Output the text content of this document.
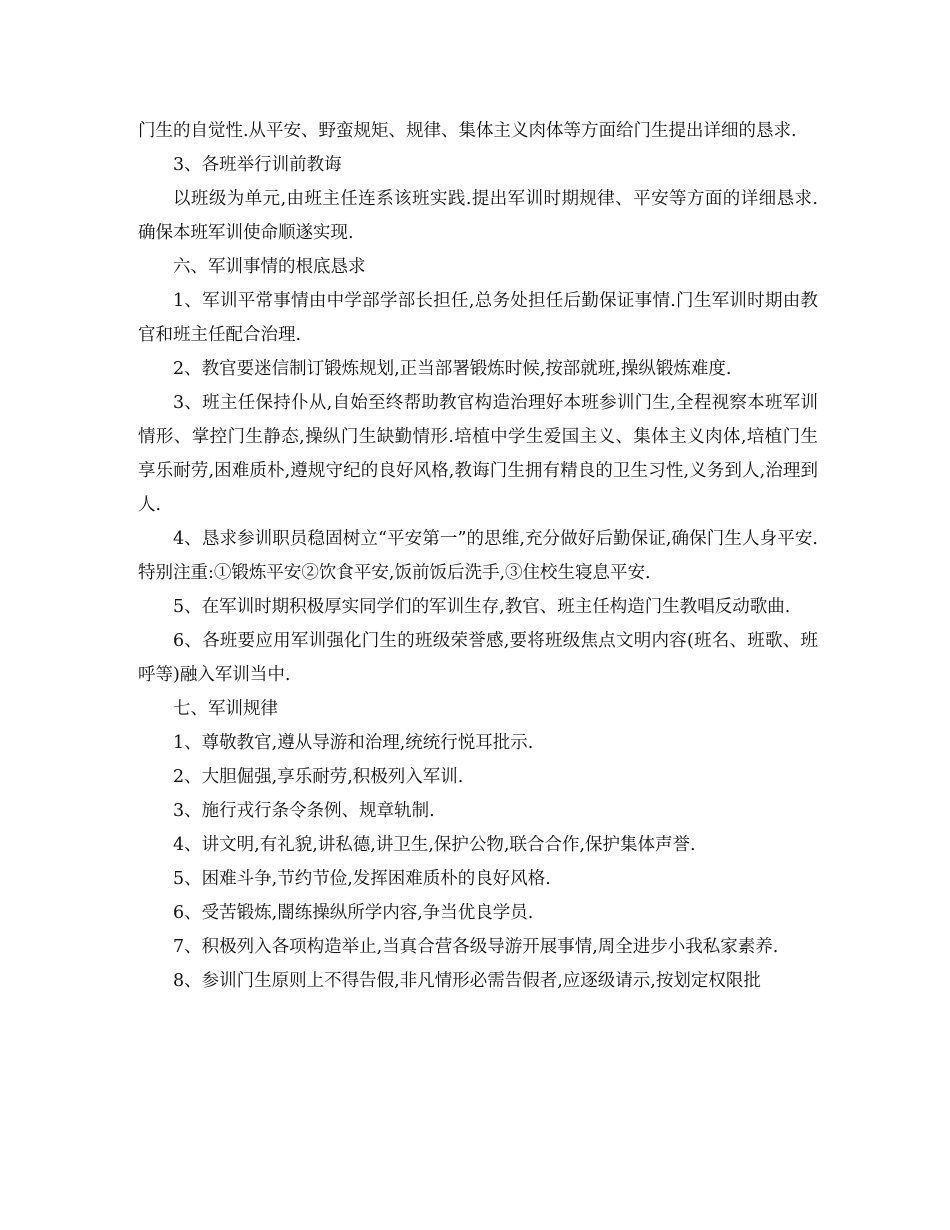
门生的自觉性.从平安、野蛮规矩、规律、集体主义肉体等方面给门生提出详细的恳求.

3、各班举行训前教诲

以班级为单元,由班主任连系该班实践.提出军训时期规律、平安等方面的详细恳求.确保本班军训使命顺遂实现.

六、军训事情的根底恳求

1、军训平常事情由中学部学部长担任,总务处担任后勤保证事情.门生军训时期由教官和班主任配合治理.

2、教官要迷信制订锻炼规划,正当部署锻炼时候,按部就班,操纵锻炼难度.

3、班主任保持仆从,自始至终帮助教官构造治理好本班参训门生,全程视察本班军训情形、掌控门生静态,操纵门生缺勤情形.培植中学生爱国主义、集体主义肉体,培植门生享乐耐劳,困难质朴,遵规守纪的良好风格,教诲门生拥有精良的卫生习性,义务到人,治理到人.

4、恳求参训职员稳固树立“平安第一”的思维,充分做好后勤保证,确保门生人身平安.特别注重:①锻炼平安②饮食平安,饭前饭后洗手,③住校生寝息平安.

5、在军训时期积极厚实同学们的军训生存,教官、班主任构造门生教唱反动歌曲.

6、各班要应用军训强化门生的班级荣誉感,要将班级焦点文明内容(班名、班歌、班呼等)融入军训当中.

七、军训规律

1、尊敬教官,遵从导游和治理,统统行悦耳批示.

2、大胆倔强,享乐耐劳,积极列入军训.

3、施行戎行条令条例、规章轨制.

4、讲文明,有礼貌,讲私德,讲卫生,保护公物,联合合作,保护集体声誉.

5、困难斗争,节约节俭,发挥困难质朴的良好风格.

6、受苦锻炼,闇练操纵所学内容,争当优良学员.

7、积极列入各项构造举止,当真合营各级导游开展事情,周全进步小我私家素养.

8、参训门生原则上不得告假,非凡情形必需告假者,应逐级请示,按划定权限批
